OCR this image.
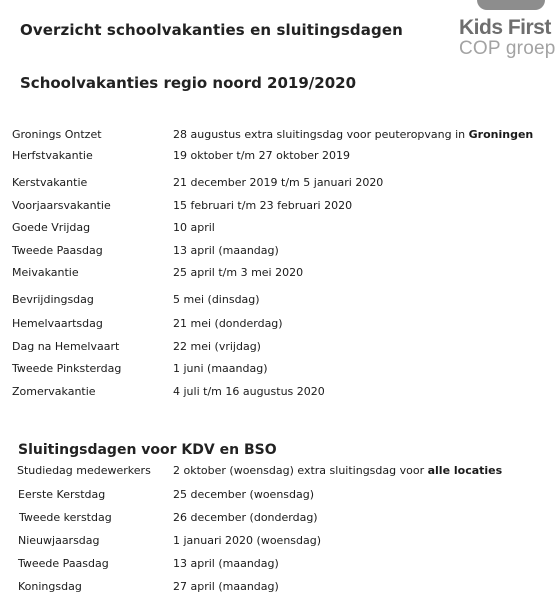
Overzicht schoolvakanties en sluitingsdagen	Kids First
COP groep
Schoolvakanties regio noord 2019/2020
Gronings Ontzet	28 augustus extra sluitingsdag voor peuteropvang in Groningen
Herfstvakantie	19 oktober t/m 27 oktober 2019
Kerstvakantie	21 december 2019 t/m 5 januari 2020
Voorjaarsvakantie	15 februari t/m 23 februari 2020
Goede Vrijdag	10 april
Tweede Paasdag	13 april (maandag)
Meivakantie	25 april t/m 3 mei 2020
Bevrijdingsdag	5 mei (dinsdag)
Hemelvaartsdag	21 mei (donderdag)
Dag na Hemelvaart	22 mei (vrijdag)
Tweede Pinksterdag	1 juni (maandag)
Zomervakantie	4 juli t/m 16 augustus 2020
Sluitingsdagen voor KDV en BSO
Studiedag medewerkers 2 oktober (woensdag) extra sluitingsdag voor alle locaties
Eerste Kerstdag	25 december (woensdag)
Tweede kerstdag	26 december (donderdag)
Nieuwjaarsdag	1 januari 2020 (woensdag)
Tweede Paasdag	13 april (maandag)
Koningsdag	27 april (maandag)
